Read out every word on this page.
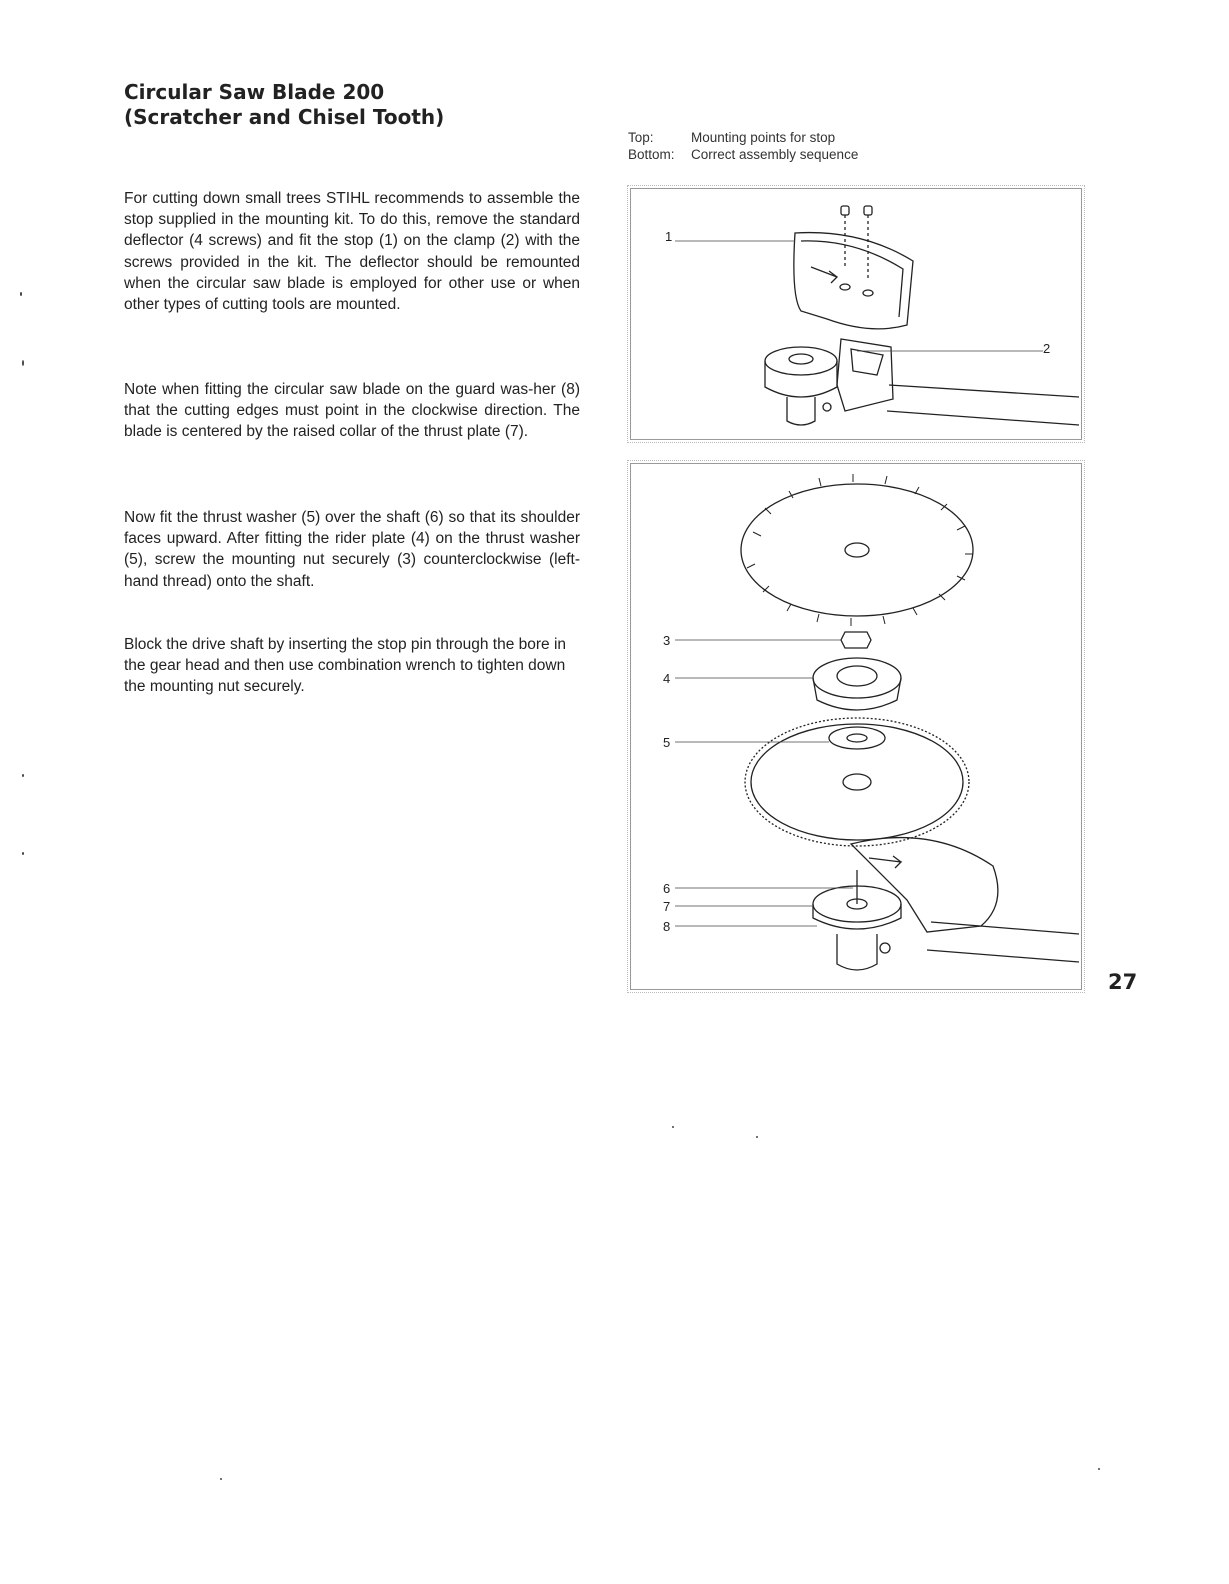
Circular Saw Blade 200
(Scratcher and Chisel Tooth)
For cutting down small trees STIHL recommends to assemble the stop supplied in the mounting kit. To do this, remove the standard deflector (4 screws) and fit the stop (1) on the clamp (2) with the screws provided in the kit. The deflector should be remounted when the circular saw blade is employed for other use or when other types of cutting tools are mounted.
Note when fitting the circular saw blade on the guard was-her (8) that the cutting edges must point in the clockwise direction. The blade is centered by the raised collar of the thrust plate (7).
Now fit the thrust washer (5) over the shaft (6) so that its shoulder faces upward. After fitting the rider plate (4) on the thrust washer (5), screw the mounting nut securely (3) counterclockwise (left-hand thread) onto the shaft.
Block the drive shaft by inserting the stop pin through the bore in the gear head and then use combination wrench to tighten down the mounting nut securely.
Top:	Mounting points for stop
Bottom:	Correct assembly sequence
1
2
3
4
5
6
7
8
27
